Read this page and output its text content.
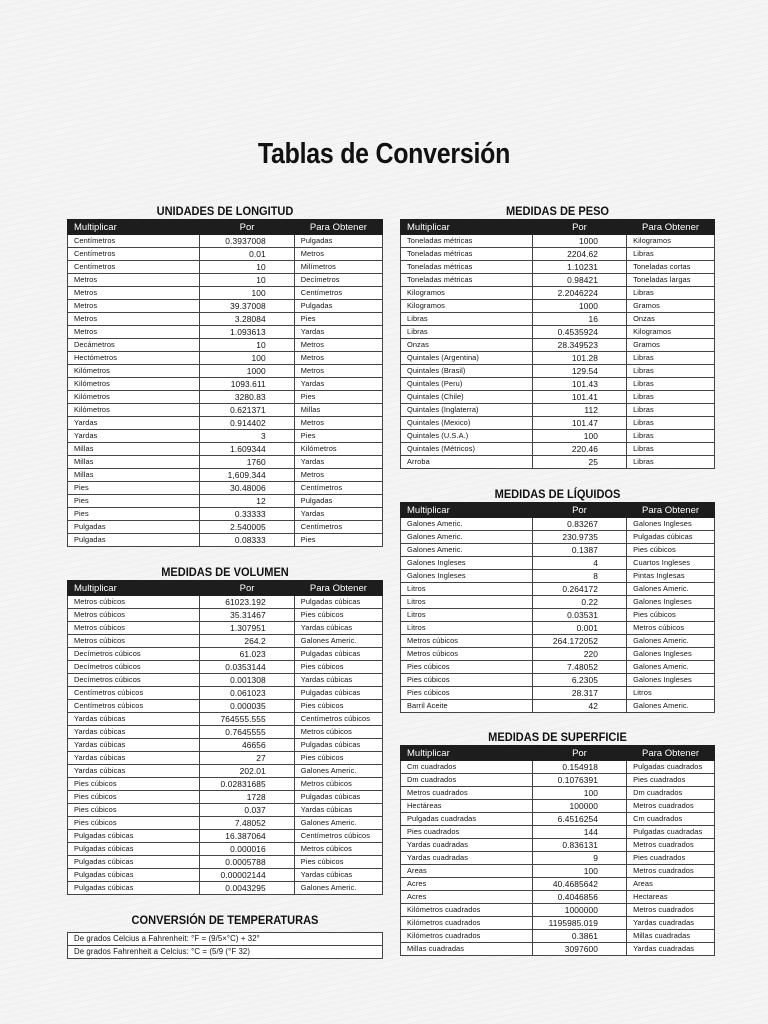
Tablas de Conversión
UNIDADES DE LONGITUD
Multiplicar	Por	Para Obtener
Centímetros	0.3937008	Pulgadas
Centímetros	0.01	Metros
Centímetros	10	Milímetros
Metros	10	Decímetros
Metros	100	Centímetros
Metros	39.37008	Pulgadas
Metros	3.28084	Pies
Metros	1.093613	Yardas
Decámetros	10	Metros
Hectómetros	100	Metros
Kilómetros	1000	Metros
Kilómetros	1093.611	Yardas
Kilómetros	3280.83	Pies
Kilómetros	0.621371	Millas
Yardas	0.914402	Metros
Yardas	3	Pies
Millas	1.609344	Kilómetros
Millas	1760	Yardas
Millas	1,609.344	Metros
Pies	30.48006	Centímetros
Pies	12	Pulgadas
Pies	0.33333	Yardas
Pulgadas	2.540005	Centímetros
Pulgadas	0.08333	Pies
MEDIDAS DE VOLUMEN
Multiplicar	Por	Para Obtener
Metros cúbicos	61023.192	Pulgadas cúbicas
Metros cúbicos	35.31467	Pies cúbicos
Metros cúbicos	1.307951	Yardas cúbicas
Metros cúbicos	264.2	Galones Americ.
Decímetros cúbicos	61.023	Pulgadas cúbicas
Decímetros cúbicos	0.0353144	Pies cúbicos
Decímetros cúbicos	0.001308	Yardas cúbicas
Centímetros cúbicos	0.061023	Pulgadas cúbicas
Centímetros cúbicos	0.000035	Pies cúbicos
Yardas cúbicas	764555.555	Centímetros cúbicos
Yardas cúbicas	0.7645555	Metros cúbicos
Yardas cúbicas	46656	Pulgadas cúbicas
Yardas cúbicas	27	Pies cúbicos
Yardas cúbicas	202.01	Galones Americ.
Pies cúbicos	0.02831685	Metros cúbicos
Pies cúbicos	1728	Pulgadas cúbicas
Pies cúbicos	0.037	Yardas cúbicas
Pies cúbicos	7.48052	Galones Americ.
Pulgadas cúbicas	16.387064	Centímetros cúbicos
Pulgadas cúbicas	0.000016	Metros cúbicos
Pulgadas cúbicas	0.0005788	Pies cúbicos
Pulgadas cúbicas	0.00002144	Yardas cúbicas
Pulgadas cúbicas	0.0043295	Galones Americ.
CONVERSIÓN DE TEMPERATURAS
De grados Celcius a Fahrenheit: °F = (9/5×°C) + 32°
De grados Fahrenheit a Celcius: °C = (5/9 (°F 32)
MEDIDAS DE PESO
Multiplicar	Por	Para Obtener
Toneladas métricas	1000	Kilogramos
Toneladas métricas	2204.62	Libras
Toneladas métricas	1.10231	Toneladas cortas
Toneladas métricas	0.98421	Toneladas largas
Kilogramos	2.2046224	Libras
Kilogramos	1000	Gramos
Libras	16	Onzas
Libras	0.4535924	Kilogramos
Onzas	28.349523	Gramos
Quintales (Argentina)	101.28	Libras
Quintales (Brasil)	129.54	Libras
Quintales (Peru)	101.43	Libras
Quintales (Chile)	101.41	Libras
Quintales (Inglaterra)	112	Libras
Quintales (Mexico)	101.47	Libras
Quintales (U.S.A.)	100	Libras
Quintales (Métricos)	220.46	Libras
Arroba	25	Libras
MEDIDAS DE LÍQUIDOS
Multiplicar	Por	Para Obtener
Galones Americ.	0.83267	Galones Ingleses
Galones Americ.	230.9735	Pulgadas cúbicas
Galones Americ.	0.1387	Pies cúbicos
Galones Ingleses	4	Cuartos Ingleses
Galones Ingleses	8	Pintas Inglesas
Litros	0.264172	Galones Americ.
Litros	0.22	Galones Ingleses
Litros	0.03531	Pies cúbicos
Litros	0.001	Metros cúbicos
Metros cúbicos	264.172052	Galones Americ.
Metros cúbicos	220	Galones Ingleses
Pies cúbicos	7.48052	Galones Americ.
Pies cúbicos	6.2305	Galones Ingleses
Pies cúbicos	28.317	Litros
Barril Aceite	42	Galones Americ.
MEDIDAS DE SUPERFICIE
Multiplicar	Por	Para Obtener
Cm cuadrados	0.154918	Pulgadas cuadrados
Dm cuadrados	0.1076391	Pies cuadrados
Metros cuadrados	100	Dm cuadrados
Hectáreas	100000	Metros cuadrados
Pulgadas cuadradas	6.4516254	Cm cuadrados
Pies cuadrados	144	Pulgadas cuadradas
Yardas cuadradas	0.836131	Metros cuadrados
Yardas cuadradas	9	Pies cuadrados
Areas	100	Metros cuadrados
Acres	40.4685642	Areas
Acres	0.4046856	Hectareas
Kilómetros cuadrados	1000000	Metros cuadrados
Kilómetros cuadrados	1195985.019	Yardas cuadradas
Kilómetros cuadrados	0.3861	Millas cuadradas
Millas cuadradas	3097600	Yardas cuadradas
